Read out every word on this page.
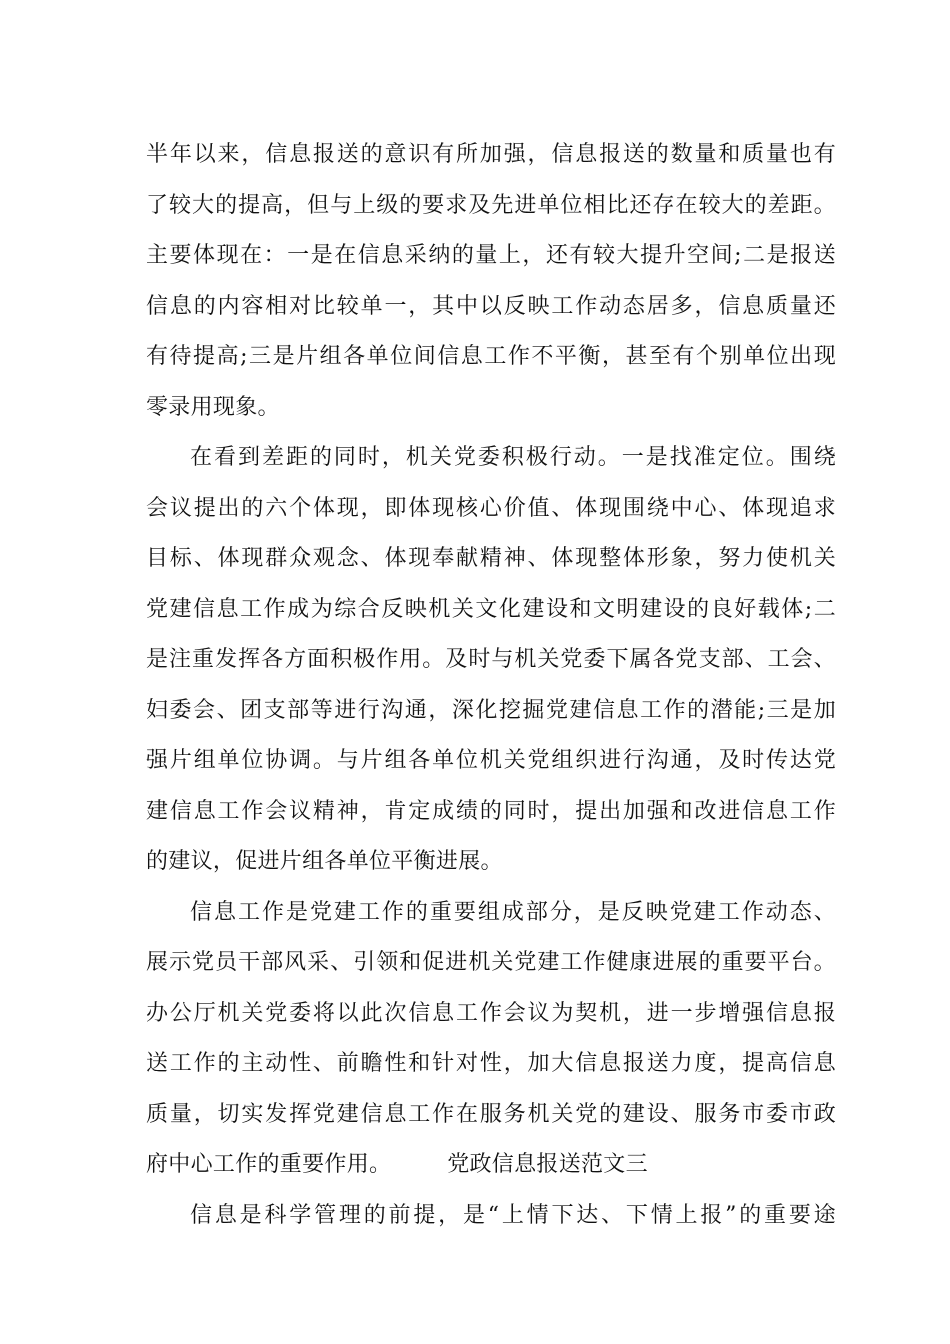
半年以来，信息报送的意识有所加强，信息报送的数量和质量也有
了较大的提高，但与上级的要求及先进单位相比还存在较大的差距。
主要体现在：一是在信息采纳的量上，还有较大提升空间;二是报送
信息的内容相对比较单一，其中以反映工作动态居多，信息质量还
有待提高;三是片组各单位间信息工作不平衡，甚至有个别单位出现
零录用现象。
在看到差距的同时，机关党委积极行动。一是找准定位。围绕
会议提出的六个体现，即体现核心价值、体现围绕中心、体现追求
目标、体现群众观念、体现奉献精神、体现整体形象，努力使机关
党建信息工作成为综合反映机关文化建设和文明建设的良好载体;二
是注重发挥各方面积极作用。及时与机关党委下属各党支部、工会、
妇委会、团支部等进行沟通，深化挖掘党建信息工作的潜能;三是加
强片组单位协调。与片组各单位机关党组织进行沟通，及时传达党
建信息工作会议精神，肯定成绩的同时，提出加强和改进信息工作
的建议，促进片组各单位平衡进展。
信息工作是党建工作的重要组成部分，是反映党建工作动态、
展示党员干部风采、引领和促进机关党建工作健康进展的重要平台。
办公厅机关党委将以此次信息工作会议为契机，进一步增强信息报
送工作的主动性、前瞻性和针对性，加大信息报送力度，提高信息
质量，切实发挥党建信息工作在服务机关党的建设、服务市委市政
府中心工作的重要作用。　　　党政信息报送范文三
信息是科学管理的前提，是“上情下达、下情上报”的重要途
